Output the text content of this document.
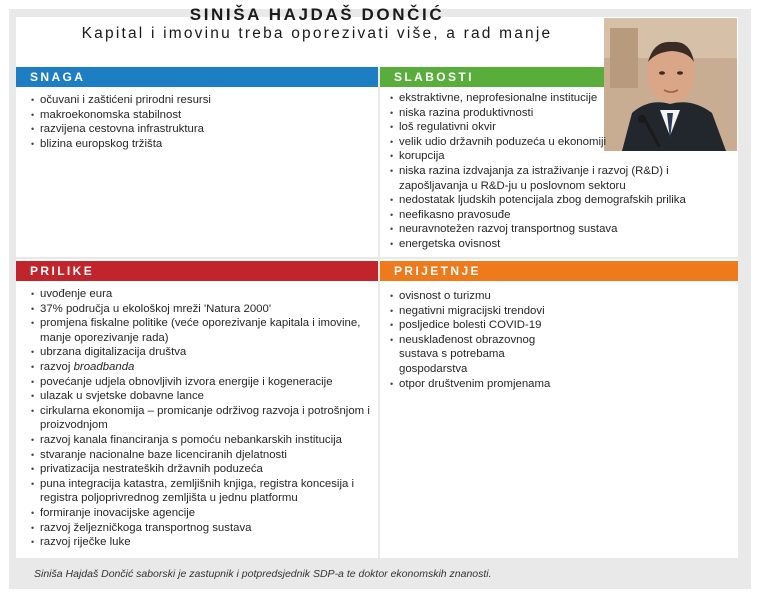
SINIŠA HAJDAŠ DONČIĆ
Kapital i imovinu treba oporezivati više, a rad manje
SNAGA	SLABOSTI
PRILIKE	PRIJETNJE
• očuvani i zaštićeni prirodni resursi
• makroekonomska stabilnost
• razvijena cestovna infrastruktura
• blizina europskog tržišta
• ekstraktivne, neprofesionalne institucije
• niska razina produktivnosti
• loš regulativni okvir
• velik udio državnih poduzeća u ekonomiji
• korupcija
• niska razina izdvajanja za istraživanje i razvoj (R&D) i zapošljavanja u R&D-ju u poslovnom sektoru
• nedostatak ljudskih potencijala zbog demografskih prilika
• neefikasno pravosuđe
• neuravnotežen razvoj transportnog sustava
• energetska ovisnost
• uvođenje eura
• 37% područja u ekološkoj mreži 'Natura 2000'
• promjena fiskalne politike (veće oporezivanje kapitala i imovine, manje oporezivanje rada)
• ubrzana digitalizacija društva
• razvoj broadbanda
• povećanje udjela obnovljivih izvora energije i kogeneracije
• ulazak u svjetske dobavne lance
• cirkularna ekonomija – promicanje održivog razvoja i potrošnjom i proizvodnjom
• razvoj kanala financiranja s pomoću nebankarskih institucija
• stvaranje nacionalne baze licenciranih djelatnosti
• privatizacija nestrateških državnih poduzeća
• puna integracija katastra, zemljišnih knjiga, registra koncesija i registra poljoprivrednog zemljišta u jednu platformu
• formiranje inovacijske agencije
• razvoj željezničkoga transportnog sustava
• razvoj riječke luke
• ovisnost o turizmu
• negativni migracijski trendovi
• posljedice bolesti COVID-19
• neusklađenost obrazovnog sustava s potrebama gospodarstva
• otpor društvenim promjenama
Siniša Hajdaš Dončić saborski je zastupnik i potpredsjednik SDP-a te doktor ekonomskih znanosti.
